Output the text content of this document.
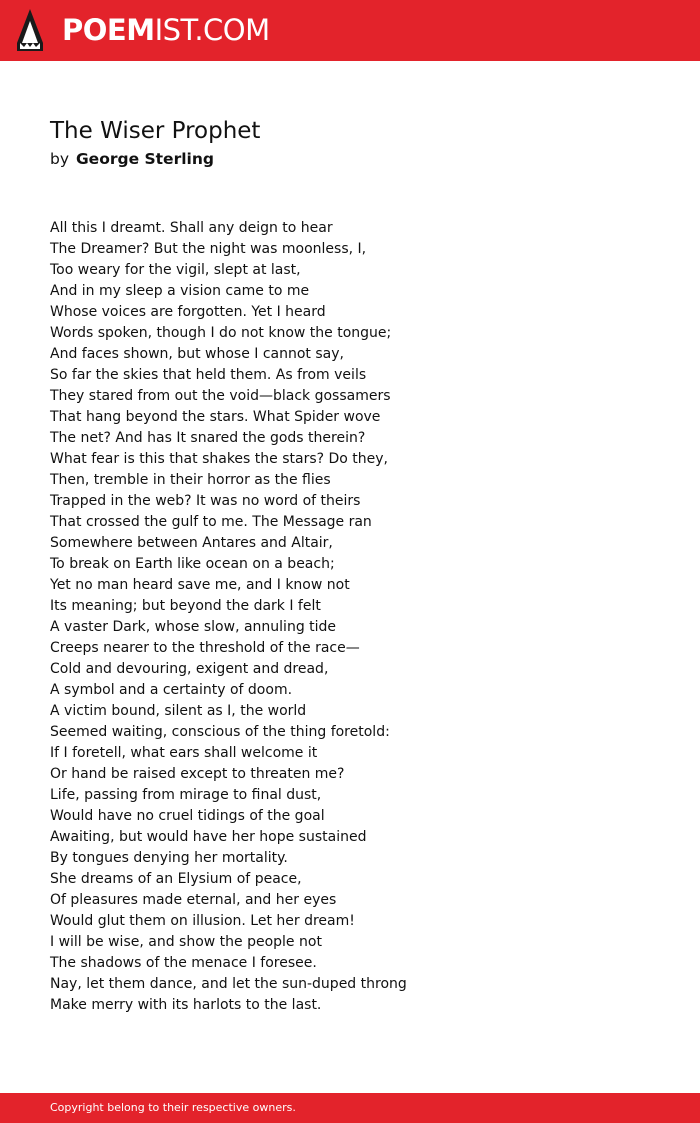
POEMIST.COM
The Wiser Prophet
by George Sterling
All this I dreamt. Shall any deign to hear
The Dreamer? But the night was moonless, I,
Too weary for the vigil, slept at last,
And in my sleep a vision came to me
Whose voices are forgotten. Yet I heard
Words spoken, though I do not know the tongue;
And faces shown, but whose I cannot say,
So far the skies that held them. As from veils
They stared from out the void—black gossamers
That hang beyond the stars. What Spider wove
The net? And has It snared the gods therein?
What fear is this that shakes the stars? Do they,
Then, tremble in their horror as the flies
Trapped in the web? It was no word of theirs
That crossed the gulf to me. The Message ran
Somewhere between Antares and Altair,
To break on Earth like ocean on a beach;
Yet no man heard save me, and I know not
Its meaning; but beyond the dark I felt
A vaster Dark, whose slow, annuling tide
Creeps nearer to the threshold of the race—
Cold and devouring, exigent and dread,
A symbol and a certainty of doom.
A victim bound, silent as I, the world
Seemed waiting, conscious of the thing foretold:
If I foretell, what ears shall welcome it
Or hand be raised except to threaten me?
Life, passing from mirage to final dust,
Would have no cruel tidings of the goal
Awaiting, but would have her hope sustained
By tongues denying her mortality.
She dreams of an Elysium of peace,
Of pleasures made eternal, and her eyes
Would glut them on illusion. Let her dream!
I will be wise, and show the people not
The shadows of the menace I foresee.
Nay, let them dance, and let the sun-duped throng
Make merry with its harlots to the last.
Copyright belong to their respective owners.
